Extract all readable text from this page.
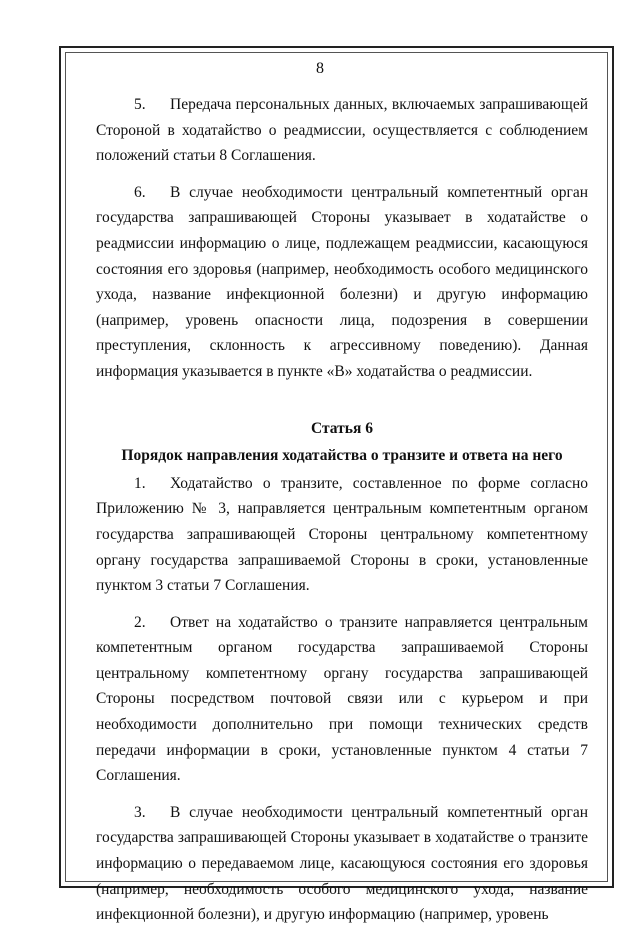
8

5. Передача персональных данных, включаемых запрашивающей Стороной в ходатайство о реадмиссии, осуществляется с соблюдением положений статьи 8 Соглашения.

6. В случае необходимости центральный компетентный орган государства запрашивающей Стороны указывает в ходатайстве о реадмиссии информацию о лице, подлежащем реадмиссии, касающуюся состояния его здоровья (например, необходимость особого медицинского ухода, название инфекционной болезни) и другую информацию (например, уровень опасности лица, подозрения в совершении преступления, склонность к агрессивному поведению). Данная информация указывается в пункте «В» ходатайства о реадмиссии.

Статья 6

Порядок направления ходатайства о транзите и ответа на него

1. Ходатайство о транзите, составленное по форме согласно Приложению № 3, направляется центральным компетентным органом государства запрашивающей Стороны центральному компетентному органу государства запрашиваемой Стороны в сроки, установленные пунктом 3 статьи 7 Соглашения.

2. Ответ на ходатайство о транзите направляется центральным компетентным органом государства запрашиваемой Стороны центральному компетентному органу государства запрашивающей Стороны посредством почтовой связи или с курьером и при необходимости дополнительно при помощи технических средств передачи информации в сроки, установленные пунктом 4 статьи 7 Соглашения.

3. В случае необходимости центральный компетентный орган государства запрашивающей Стороны указывает в ходатайстве о транзите информацию о передаваемом лице, касающуюся состояния его здоровья (например, необходимость особого медицинского ухода, название инфекционной болезни), и другую информацию (например, уровень
